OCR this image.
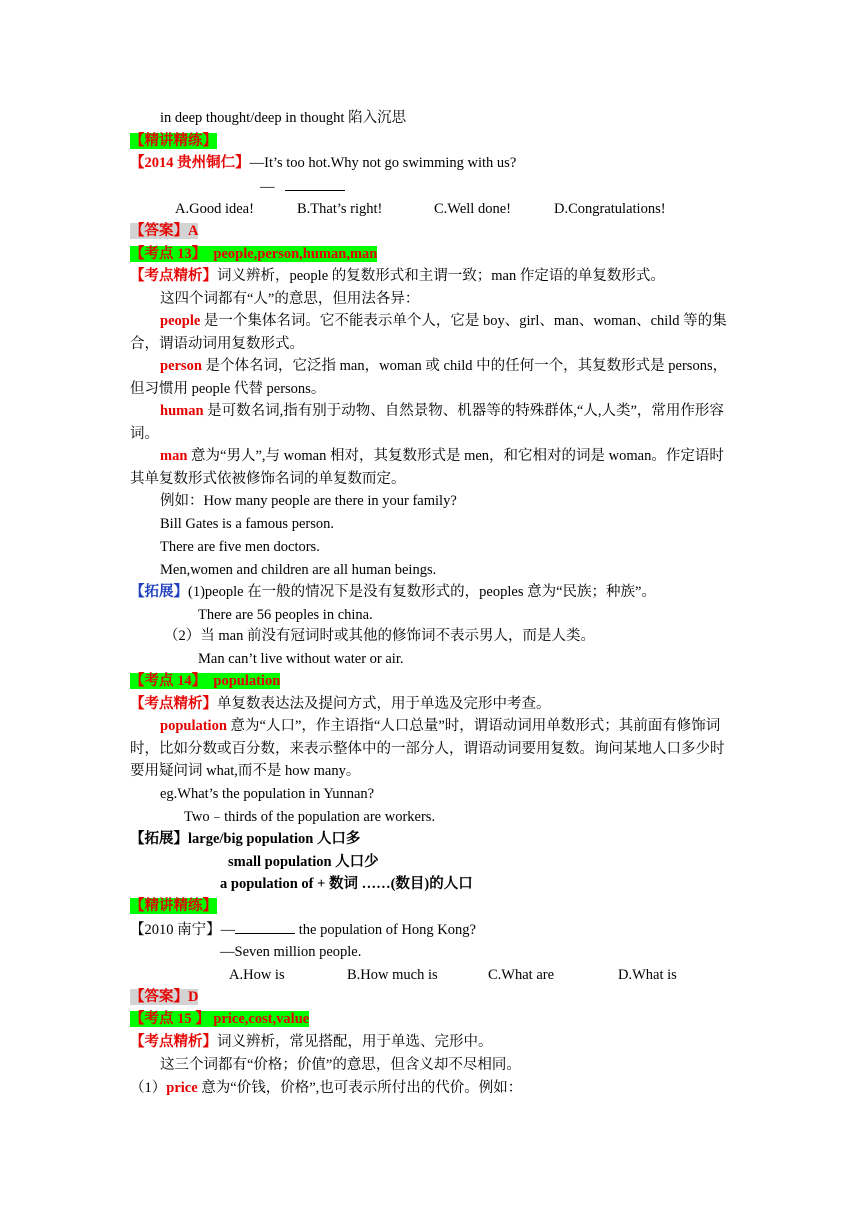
in deep thought/deep in thought 陷入沉思
【精讲精练】
【2014 贵州铜仁】—It’s too hot.Why not go swimming with us?
—
A.Good idea!	B.That’s right!	C.Well done!	D.Congratulations!
【答案】A
【考点 13】　people,person,human,man
【考点精析】词义辨析，people 的复数形式和主谓一致；man 作定语的单复数形式。
这四个词都有“人”的意思，但用法各异：
people 是一个集体名词。它不能表示单个人，它是 boy、girl、man、woman、child 等的集合，谓语动词用复数形式。
person 是个体名词，它泛指 man，woman 或 child 中的任何一个，其复数形式是 persons，但习惯用 people 代替 persons。
human 是可数名词,指有别于动物、自然景物、机器等的特殊群体,“人,人类”，常用作形容词。
man 意为“男人”,与 woman 相对，其复数形式是 men，和它相对的词是 woman。作定语时其单复数形式依被修饰名词的单复数而定。
例如：How many people are there in your family?
Bill Gates is a famous person.
There are five men doctors.
Men,women and children are all human beings.
【拓展】(1)people 在一般的情况下是没有复数形式的，peoples 意为“民族；种族”。
There are 56 peoples in china.
（2）当 man 前没有冠词时或其他的修饰词不表示男人，而是人类。
Man can’t live without water or air.
【考点 14】　population
【考点精析】单复数表达法及提问方式，用于单选及完形中考查。
population 意为“人口”，作主语指“人口总量”时，谓语动词用单数形式；其前面有修饰词时，比如分数或百分数，来表示整体中的一部分人，谓语动词要用复数。询问某地人口多少时要用疑问词 what,而不是 how many。
eg.What’s the population in Yunnan?
Two﹣thirds of the population are workers.
【拓展】large/big population 人口多
small population 人口少
a population of + 数词 ……(数目)的人口
【精讲精练】
【2010 南宁】—	the population of Hong Kong?
—Seven million people.
A.How is	B.How much is	C.What are	D.What is
【答案】D
【考点 15 】 price,cost,value
【考点精析】词义辨析，常见搭配，用于单选、完形中。
这三个词都有“价格；价值”的意思，但含义却不尽相同。
（1）price 意为“价钱，价格”,也可表示所付出的代价。例如：
